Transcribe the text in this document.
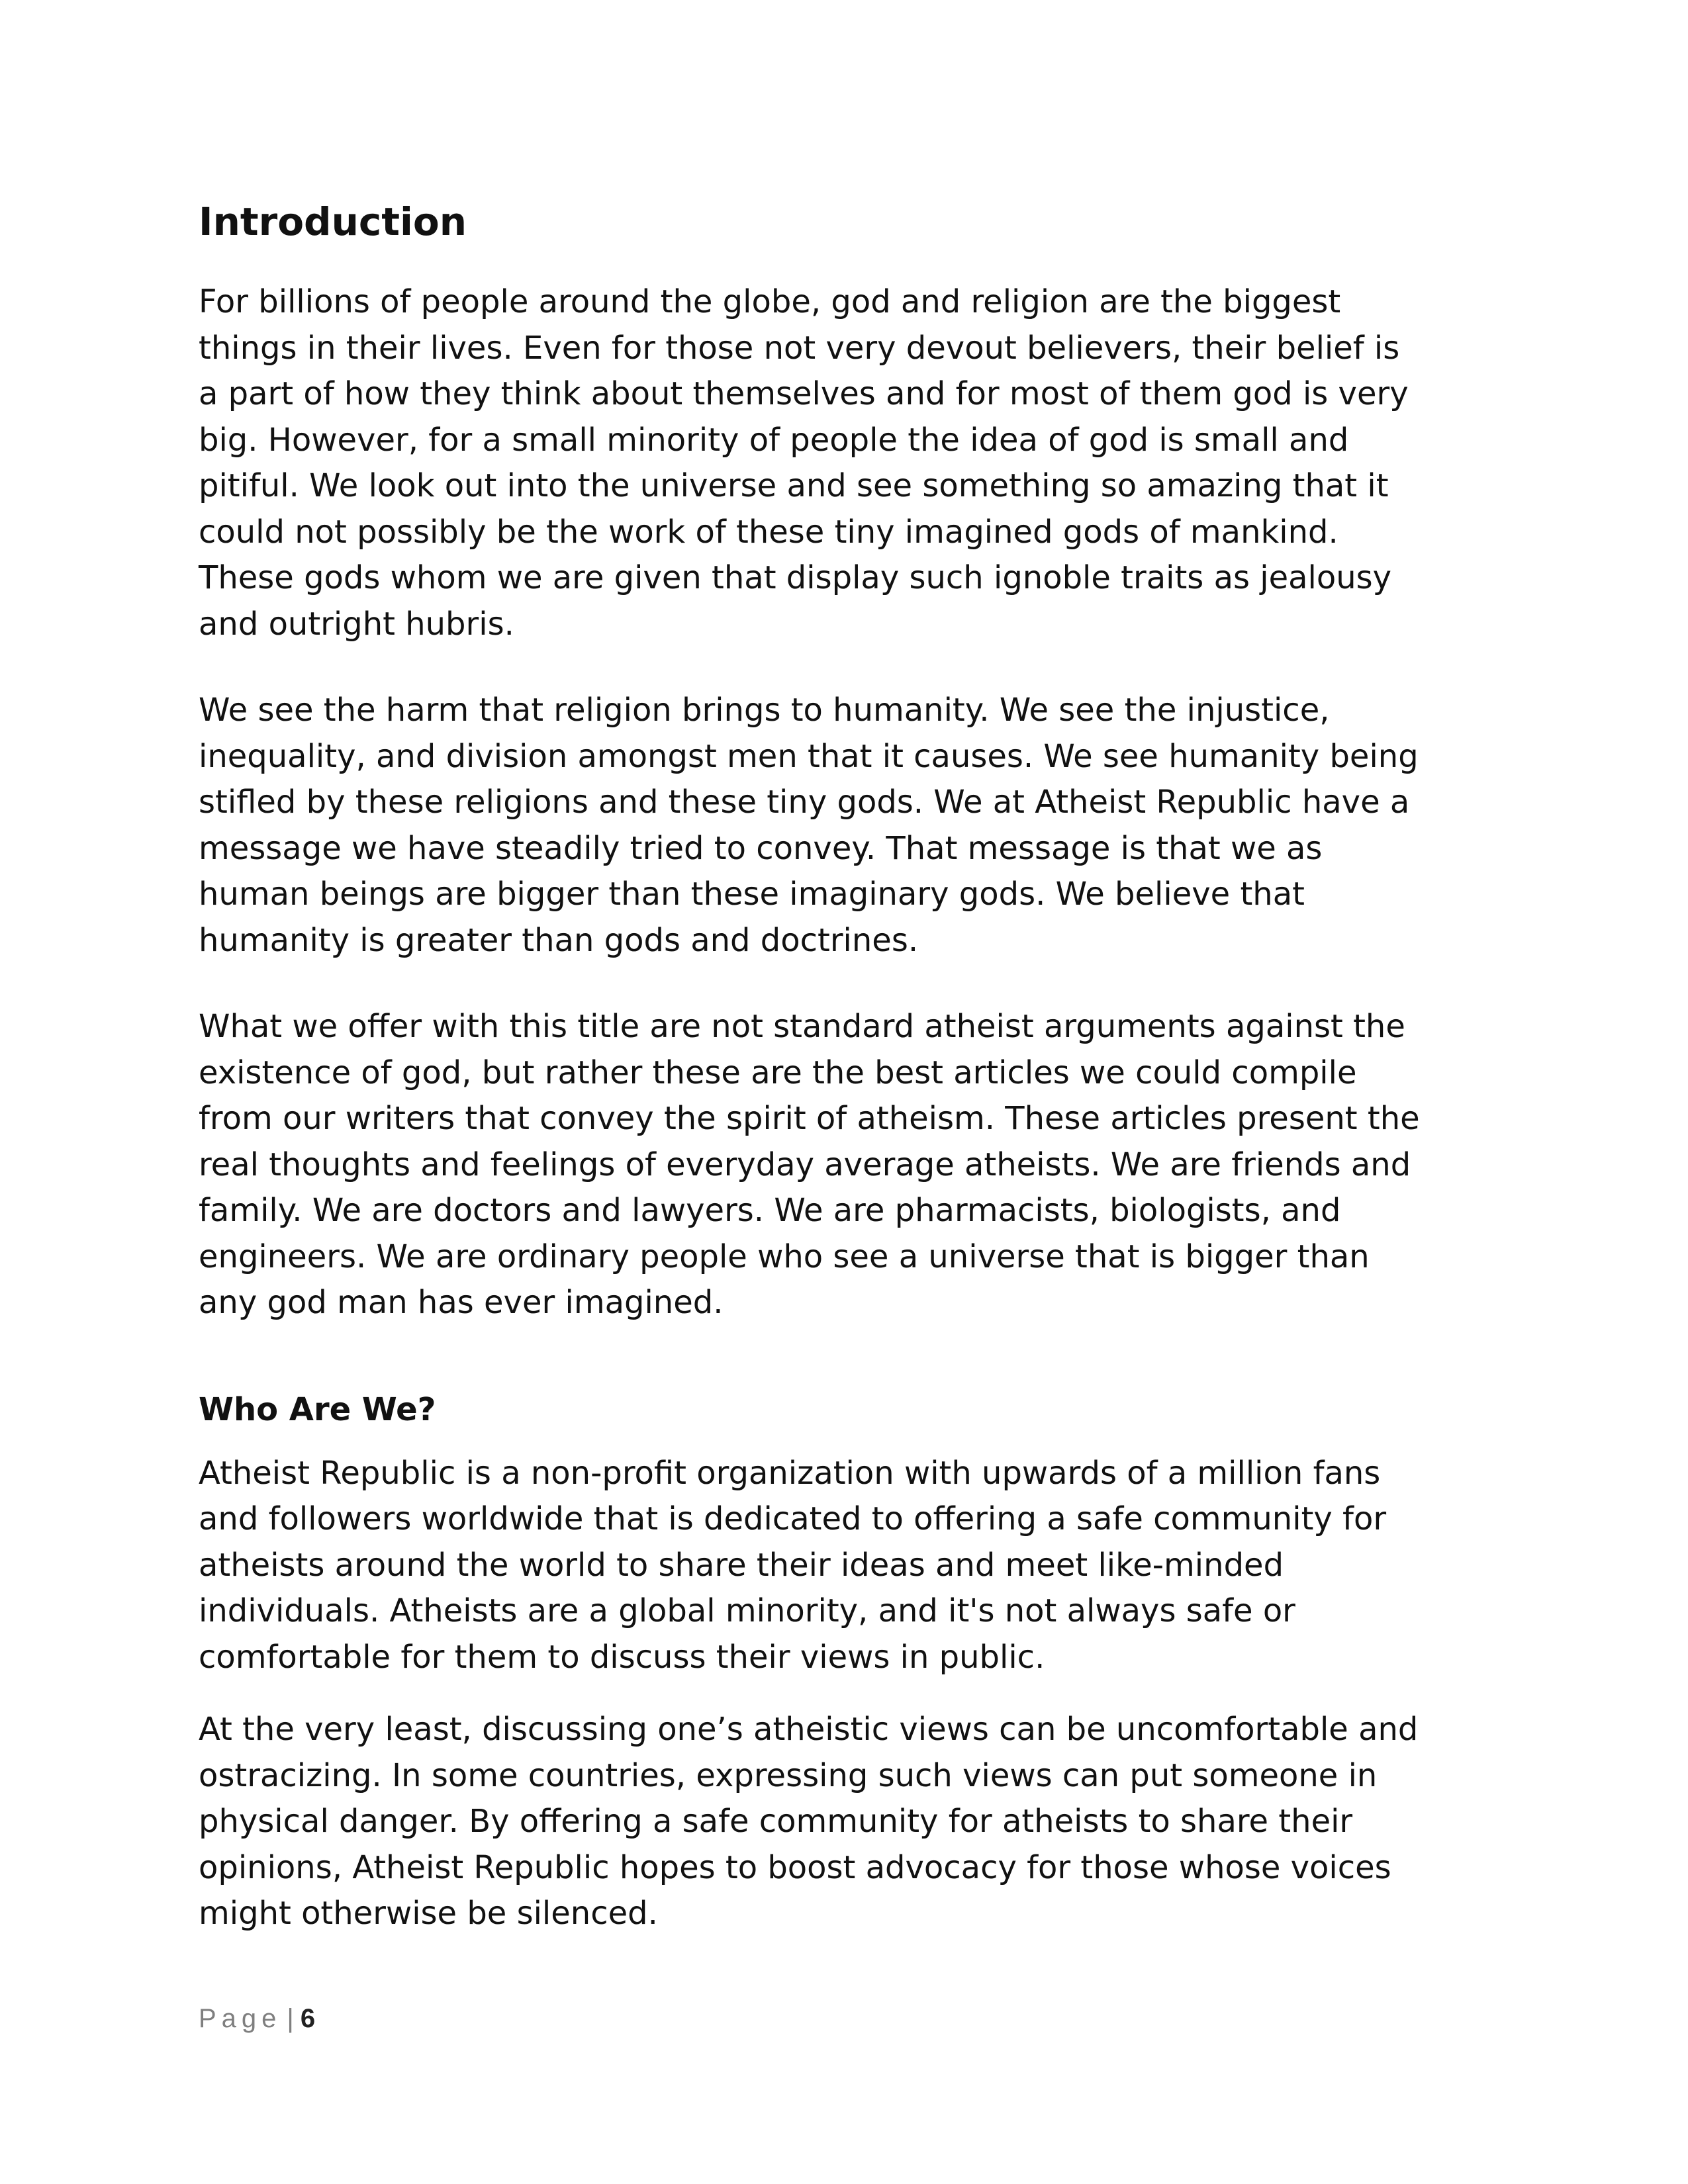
Introduction
For billions of people around the globe, god and religion are the biggest
things in their lives. Even for those not very devout believers, their belief is
a part of how they think about themselves and for most of them god is very
big. However, for a small minority of people the idea of god is small and
pitiful. We look out into the universe and see something so amazing that it
could not possibly be the work of these tiny imagined gods of mankind.
These gods whom we are given that display such ignoble traits as jealousy
and outright hubris.
We see the harm that religion brings to humanity. We see the injustice,
inequality, and division amongst men that it causes. We see humanity being
stifled by these religions and these tiny gods. We at Atheist Republic have a
message we have steadily tried to convey. That message is that we as
human beings are bigger than these imaginary gods. We believe that
humanity is greater than gods and doctrines.
What we offer with this title are not standard atheist arguments against the
existence of god, but rather these are the best articles we could compile
from our writers that convey the spirit of atheism. These articles present the
real thoughts and feelings of everyday average atheists. We are friends and
family. We are doctors and lawyers. We are pharmacists, biologists, and
engineers. We are ordinary people who see a universe that is bigger than
any god man has ever imagined.
Who Are We?
Atheist Republic is a non-profit organization with upwards of a million fans
and followers worldwide that is dedicated to offering a safe community for
atheists around the world to share their ideas and meet like-minded
individuals. Atheists are a global minority, and it's not always safe or
comfortable for them to discuss their views in public.
At the very least, discussing one’s atheistic views can be uncomfortable and
ostracizing. In some countries, expressing such views can put someone in
physical danger. By offering a safe community for atheists to share their
opinions, Atheist Republic hopes to boost advocacy for those whose voices
might otherwise be silenced.
Page | 6
